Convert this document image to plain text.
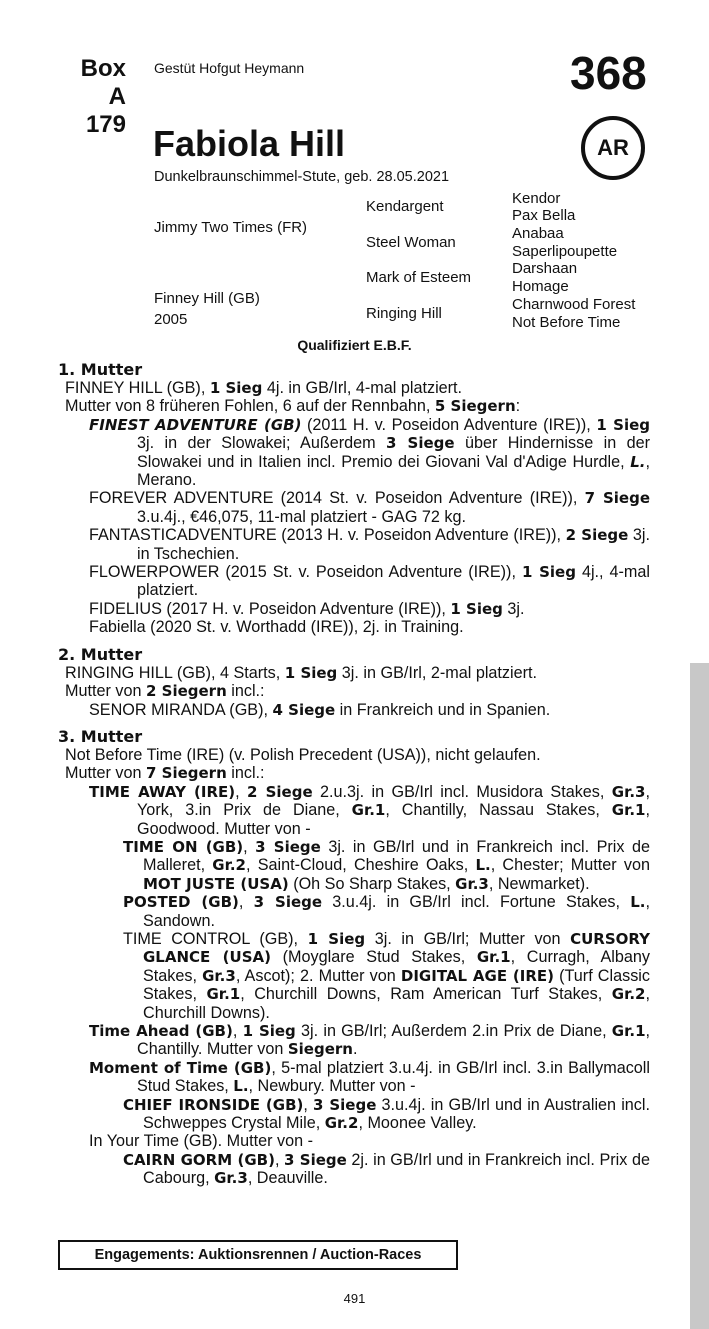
Box
A 179
Gestüt Hofgut Heymann	368
Fabiola Hill	AR
Dunkelbraunschimmel-Stute, geb. 28.05.2021
Jimmy Two Times (FR)
Finney Hill (GB)
2005
Kendargent
Steel Woman
Mark of Esteem
Ringing Hill
Kendor
Pax Bella
Anabaa
Saperlipoupette
Darshaan
Homage
Charnwood Forest
Not Before Time
Qualifiziert E.B.F.
1. Mutter

FINNEY HILL (GB), 1 Sieg 4j. in GB/Irl, 4-mal platziert.

Mutter von 8 früheren Fohlen, 6 auf der Rennbahn, 5 Siegern:

FINEST ADVENTURE (GB) (2011 H. v. Poseidon Adventure (IRE)), 1 Sieg 3j. in der Slowakei; Außerdem 3 Siege über Hindernisse in der Slowakei und in Italien incl. Premio dei Giovani Val d'Adige Hurdle, L., Merano.

FOREVER ADVENTURE (2014 St. v. Poseidon Adventure (IRE)), 7 Siege 3.u.4j., €46,075, 11-mal platziert - GAG 72 kg.

FANTASTICADVENTURE (2013 H. v. Poseidon Adventure (IRE)), 2 Siege 3j. in Tschechien.

FLOWERPOWER (2015 St. v. Poseidon Adventure (IRE)), 1 Sieg 4j., 4-mal platziert.

FIDELIUS (2017 H. v. Poseidon Adventure (IRE)), 1 Sieg 3j.

Fabiella (2020 St. v. Worthadd (IRE)), 2j. in Training.

2. Mutter

RINGING HILL (GB), 4 Starts, 1 Sieg 3j. in GB/Irl, 2-mal platziert.

Mutter von 2 Siegern incl.:

SENOR MIRANDA (GB), 4 Siege in Frankreich und in Spanien.

3. Mutter

Not Before Time (IRE) (v. Polish Precedent (USA)), nicht gelaufen.

Mutter von 7 Siegern incl.:

TIME AWAY (IRE), 2 Siege 2.u.3j. in GB/Irl incl. Musidora Stakes, Gr.3, York, 3.in Prix de Diane, Gr.1, Chantilly, Nassau Stakes, Gr.1, Goodwood. Mutter von -

TIME ON (GB), 3 Siege 3j. in GB/Irl und in Frankreich incl. Prix de Malleret, Gr.2, Saint-Cloud, Cheshire Oaks, L., Chester; Mutter von MOT JUSTE (USA) (Oh So Sharp Stakes, Gr.3, Newmarket).

POSTED (GB), 3 Siege 3.u.4j. in GB/Irl incl. Fortune Stakes, L., Sandown.

TIME CONTROL (GB), 1 Sieg 3j. in GB/Irl; Mutter von CURSORY GLANCE (USA) (Moyglare Stud Stakes, Gr.1, Curragh, Albany Stakes, Gr.3, Ascot); 2. Mutter von DIGITAL AGE (IRE) (Turf Classic Stakes, Gr.1, Churchill Downs, Ram American Turf Stakes, Gr.2, Churchill Downs).

Time Ahead (GB), 1 Sieg 3j. in GB/Irl; Außerdem 2.in Prix de Diane, Gr.1, Chantilly. Mutter von Siegern.

Moment of Time (GB), 5-mal platziert 3.u.4j. in GB/Irl incl. 3.in Ballymacoll Stud Stakes, L., Newbury. Mutter von -

CHIEF IRONSIDE (GB), 3 Siege 3.u.4j. in GB/Irl und in Australien incl. Schweppes Crystal Mile, Gr.2, Moonee Valley.

In Your Time (GB). Mutter von -

CAIRN GORM (GB), 3 Siege 2j. in GB/Irl und in Frankreich incl. Prix de Cabourg, Gr.3, Deauville.

Engagements: Auktionsrennen / Auction-Races
491
